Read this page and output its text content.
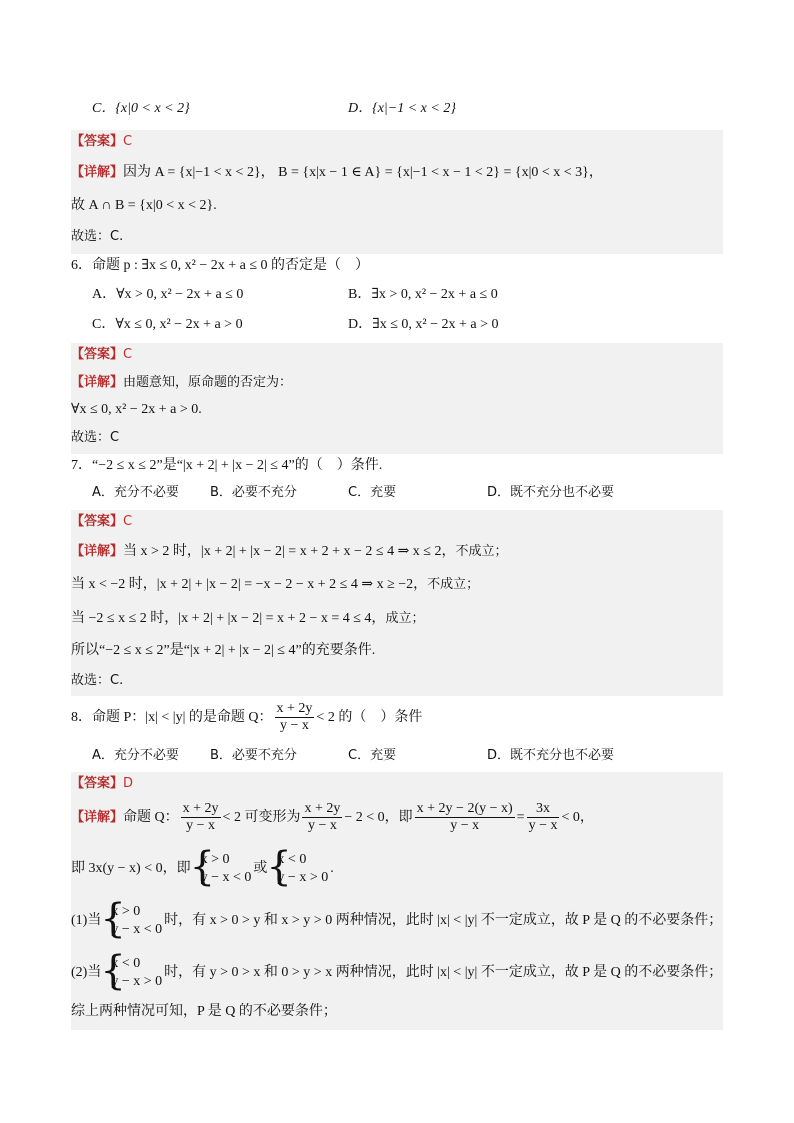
C．{x|0 < x < 2}	D．{x|−1 < x < 2}
【答案】C
【详解】因为 A = {x|−1 < x < 2}， B = {x|x − 1 ∈ A} = {x|−1 < x − 1 < 2} = {x|0 < x < 3}，
故 A ∩ B = {x|0 < x < 2}.
故选：C.
6．命题 p : ∃x ≤ 0, x² − 2x + a ≤ 0 的否定是（　）
A．∀x > 0, x² − 2x + a ≤ 0	B．∃x > 0, x² − 2x + a ≤ 0
C．∀x ≤ 0, x² − 2x + a > 0	D．∃x ≤ 0, x² − 2x + a > 0
【答案】C
【详解】由题意知，原命题的否定为：
∀x ≤ 0, x² − 2x + a > 0.
故选：C
7．“−2 ≤ x ≤ 2”是“|x + 2| + |x − 2| ≤ 4”的（　）条件.
A．充分不必要 B．必要不充分	C．充要	D．既不充分也不必要
【答案】C
【详解】当 x > 2 时，|x + 2| + |x − 2| = x + 2 + x − 2 ≤ 4 ⇒ x ≤ 2，不成立；
当 x < −2 时，|x + 2| + |x − 2| = −x − 2 − x + 2 ≤ 4 ⇒ x ≥ −2，不成立；
当 −2 ≤ x ≤ 2 时，|x + 2| + |x − 2| = x + 2 − x = 4 ≤ 4，成立；
所以“−2 ≤ x ≤ 2”是“|x + 2| + |x − 2| ≤ 4”的充要条件.
故选：C.
8．命题 P：|x| < |y| 的是命题 Q： $\frac{x + 2y}{y - x} < 2$ 的（　）条件
A．充分不必要 B．必要不充分	C．充要	D．既不充分也不必要
【答案】D
【详解】命题 Q： $\frac{x + 2y}{y - x} < 2$ 可变形为 $\frac{x + 2y}{y - x} - 2 < 0$，即 $\frac{x + 2y - 2(y - x)}{y - x} = \frac{3x}{y - x} < 0$，
即 3x(y − x) < 0，即
{ x > 0
y − x < 0
或
{ x < 0
y − x > 0
.
(1)当
{ x > 0
y − x < 0
时，有 x > 0 > y 和 x > y > 0 两种情况，此时 |x| < |y| 不一定成立，故 P 是 Q 的不必要条件；
(2)当
{ x < 0
y − x > 0
时，有 y > 0 > x 和 0 > y > x 两种情况，此时 |x| < |y| 不一定成立，故 P 是 Q 的不必要条件；
综上两种情况可知，P 是 Q 的不必要条件；
